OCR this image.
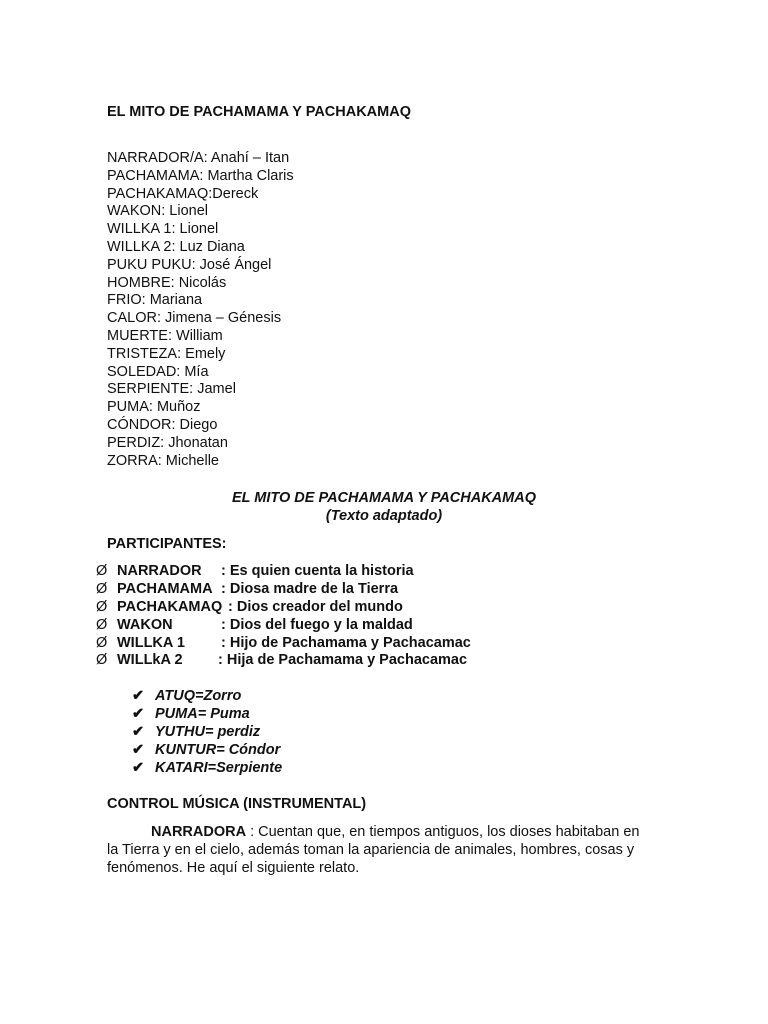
EL MITO DE PACHAMAMA Y PACHAKAMAQ
NARRADOR/A: Anahí – Itan
PACHAMAMA: Martha Claris
PACHAKAMAQ:Dereck
WAKON: Lionel
WILLKA 1: Lionel
WILLKA 2: Luz Diana
PUKU PUKU: José Ángel
HOMBRE: Nicolás
FRIO: Mariana
CALOR: Jimena – Génesis
MUERTE: William
TRISTEZA: Emely
SOLEDAD: Mía
SERPIENTE: Jamel
PUMA: Muñoz
CÓNDOR: Diego
PERDIZ: Jhonatan
ZORRA: Michelle
EL MITO DE PACHAMAMA Y PACHAKAMAQ
(Texto adaptado)
PARTICIPANTES:
Ø NARRADOR : Es quien cuenta la historia
Ø PACHAMAMA : Diosa madre de la Tierra
Ø PACHAKAMAQ : Dios creador del mundo
Ø WAKON	: Dios del fuego y la maldad
Ø WILLKA 1 : Hijo de Pachamama y Pachacamac
Ø WILLkA 2 : Hija de Pachamama y Pachacamac
✔ ATUQ=Zorro
✔ PUMA= Puma
✔ YUTHU= perdiz
✔ KUNTUR= Cóndor
✔ KATARI=Serpiente
CONTROL MÚSICA (INSTRUMENTAL)
NARRADORA : Cuentan que, en tiempos antiguos, los dioses habitaban en
la Tierra y en el cielo, además toman la apariencia de animales, hombres, cosas y
fenómenos. He aquí el siguiente relato.
